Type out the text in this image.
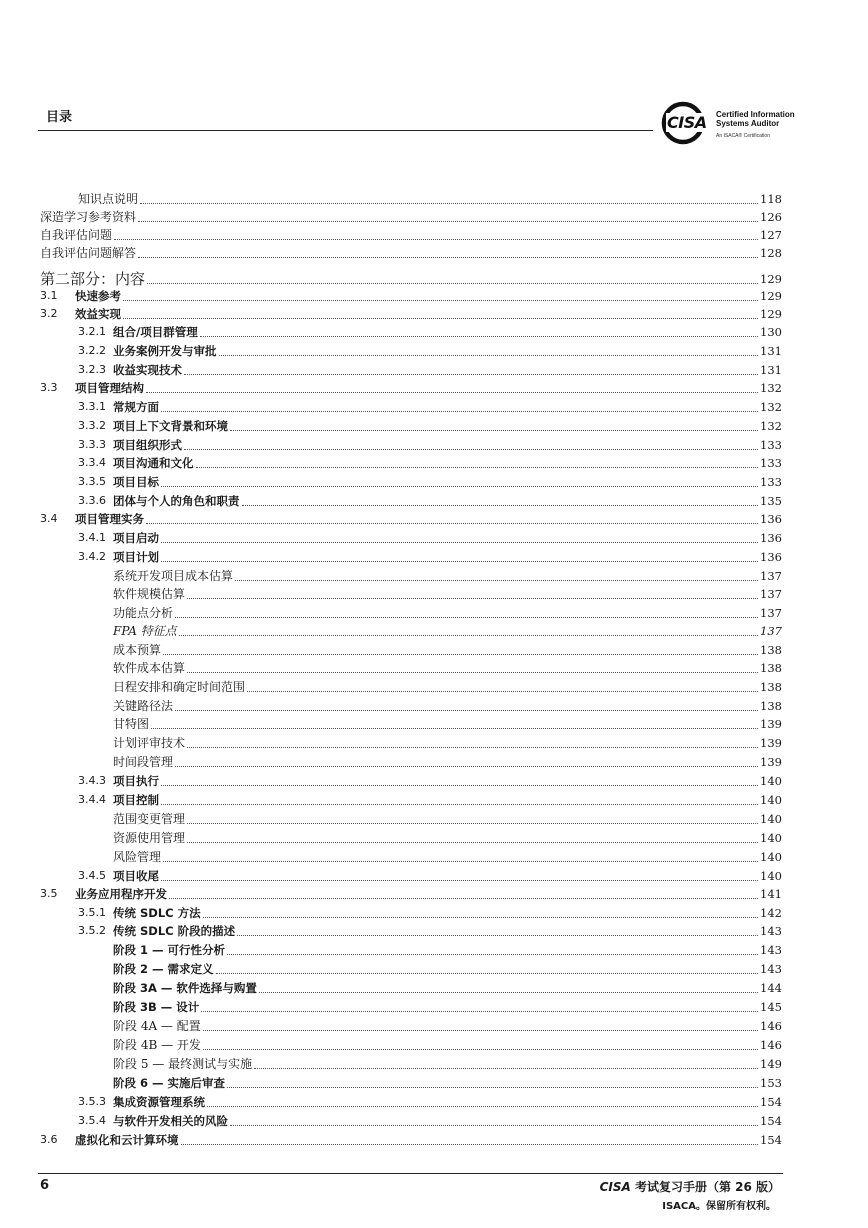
目录	CISA Certified Information
Systems Auditor
An ISACA® Certification
知识点说明	118
深造学习参考资料	126
自我评估问题	127
自我评估问题解答	128
第二部分：内容	129
3.1	快速参考	129
3.2	效益实现	129
3.2.1 组合/项目群管理	130
3.2.2 业务案例开发与审批	131
3.2.3 收益实现技术	131
3.3	项目管理结构	132
3.3.1 常规方面	132
3.3.2 项目上下文背景和环境	132
3.3.3 项目组织形式	133
3.3.4 项目沟通和文化	133
3.3.5 项目目标	133
3.3.6 团体与个人的角色和职责	135
3.4	项目管理实务	136
3.4.1 项目启动	136
3.4.2 项目计划	136
系统开发项目成本估算	137
软件规模估算	137
功能点分析	137
FPA 特征点	137
成本预算	138
软件成本估算	138
日程安排和确定时间范围	138
关键路径法	138
甘特图	139
计划评审技术	139
时间段管理	139
3.4.3 项目执行	140
3.4.4 项目控制	140
范围变更管理	140
资源使用管理	140
风险管理	140
3.4.5 项目收尾	140
3.5	业务应用程序开发	141
3.5.1 传统 SDLC 方法	142
3.5.2 传统 SDLC 阶段的描述	143
阶段 1 — 可行性分析	143
阶段 2 — 需求定义	143
阶段 3A — 软件选择与购置	144
阶段 3B — 设计	145
阶段 4A — 配置	146
阶段 4B — 开发	146
阶段 5 — 最终测试与实施	149
阶段 6 — 实施后审查	153
3.5.3 集成资源管理系统	154
3.5.4 与软件开发相关的风险	154
3.6	虚拟化和云计算环境	154
6	CISA 考试复习手册（第 26 版）
ISACA。保留所有权利。
